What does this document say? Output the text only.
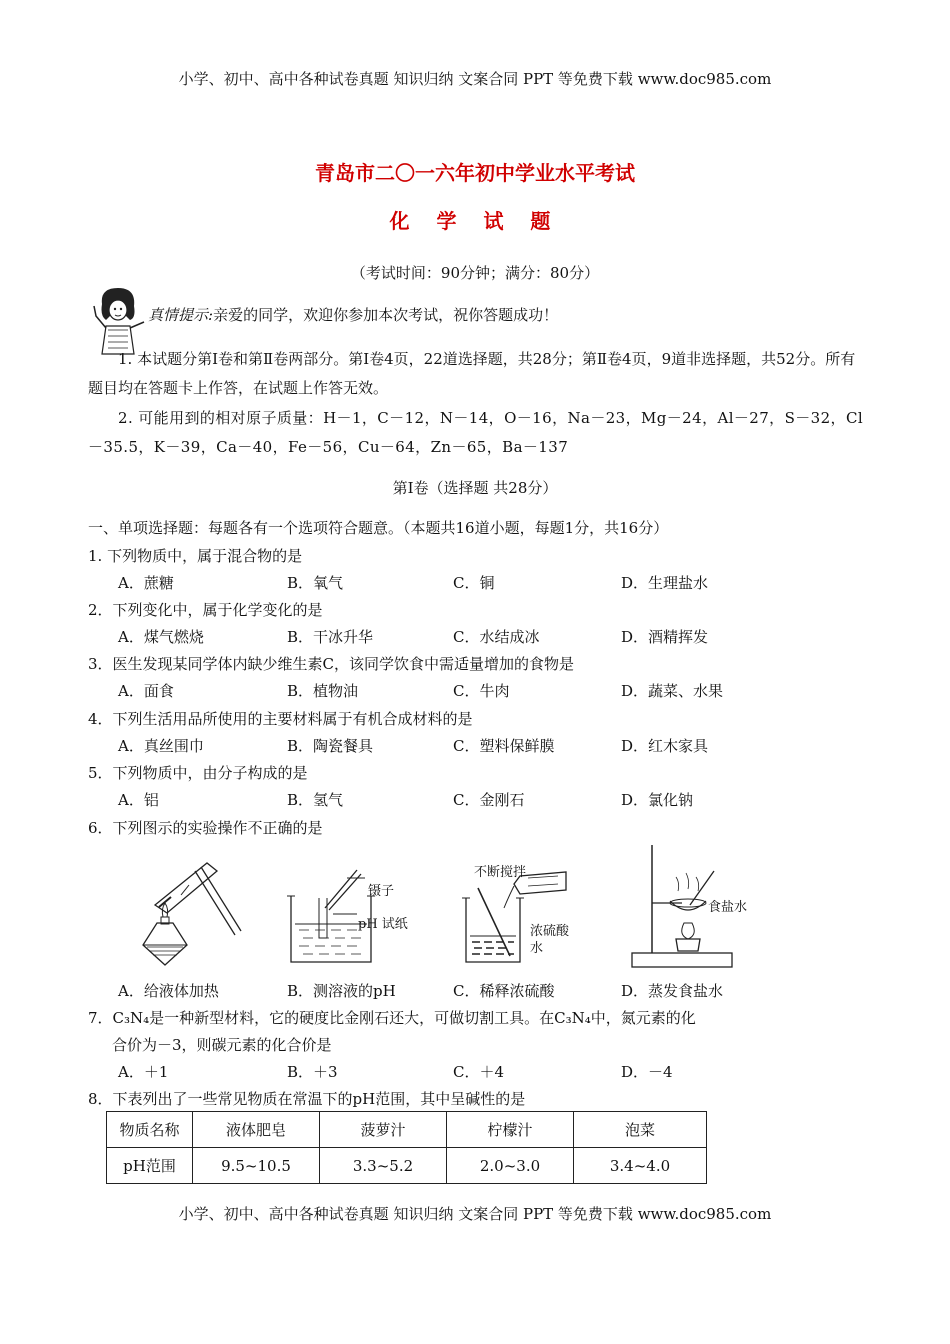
小学、初中、高中各种试卷真题 知识归纳 文案合同 PPT 等免费下载 www.doc985.com
青岛市二〇一六年初中学业水平考试
化 学 试 题
（考试时间：90分钟；满分：80分）
真情提示:亲爱的同学，欢迎你参加本次考试，祝你答题成功！
1. 本试题分第Ⅰ卷和第Ⅱ卷两部分。第Ⅰ卷4页，22道选择题，共28分；第Ⅱ卷4页，9道非选择题，共52分。所有题目均在答题卡上作答，在试题上作答无效。
2. 可能用到的相对原子质量：H－1，C－12，N－14，O－16，Na－23，Mg－24，Al－27，S－32，Cl－35.5，K－39，Ca－40，Fe－56，Cu－64，Zn－65，Ba－137
第Ⅰ卷（选择题 共28分）
一、单项选择题：每题各有一个选项符合题意。（本题共16道小题，每题1分，共16分）
1. 下列物质中，属于混合物的是
A．蔗糖	B．氧气	C．铜	D．生理盐水
2．下列变化中，属于化学变化的是
A．煤气燃烧	B．干冰升华	C．水结成冰	D．酒精挥发
3．医生发现某同学体内缺少维生素C，该同学饮食中需适量增加的食物是
A．面食	B．植物油	C．牛肉	D．蔬菜、水果
4．下列生活用品所使用的主要材料属于有机合成材料的是
A．真丝围巾	B．陶瓷餐具	C．塑料保鲜膜	D．红木家具
5．下列物质中，由分子构成的是
A．铝	B．氢气	C．金刚石	D．氯化钠
6．下列图示的实验操作不正确的是
镊子
pH 试纸
不断搅拌
浓硫酸
水
食盐水
A．给液体加热	B．测溶液的pH	C．稀释浓硫酸	D．蒸发食盐水
7．C₃N₄是一种新型材料，它的硬度比金刚石还大，可做切割工具。在C₃N₄中，氮元素的化
合价为－3，则碳元素的化合价是
A．＋1	B．＋3	C．＋4	D．－4
8．下表列出了一些常见物质在常温下的pH范围，其中呈碱性的是
物质名称	液体肥皂	菠萝汁	柠檬汁	泡菜
pH范围	9.5~10.5	3.3~5.2	2.0~3.0	3.4~4.0
小学、初中、高中各种试卷真题 知识归纳 文案合同 PPT 等免费下载 www.doc985.com
